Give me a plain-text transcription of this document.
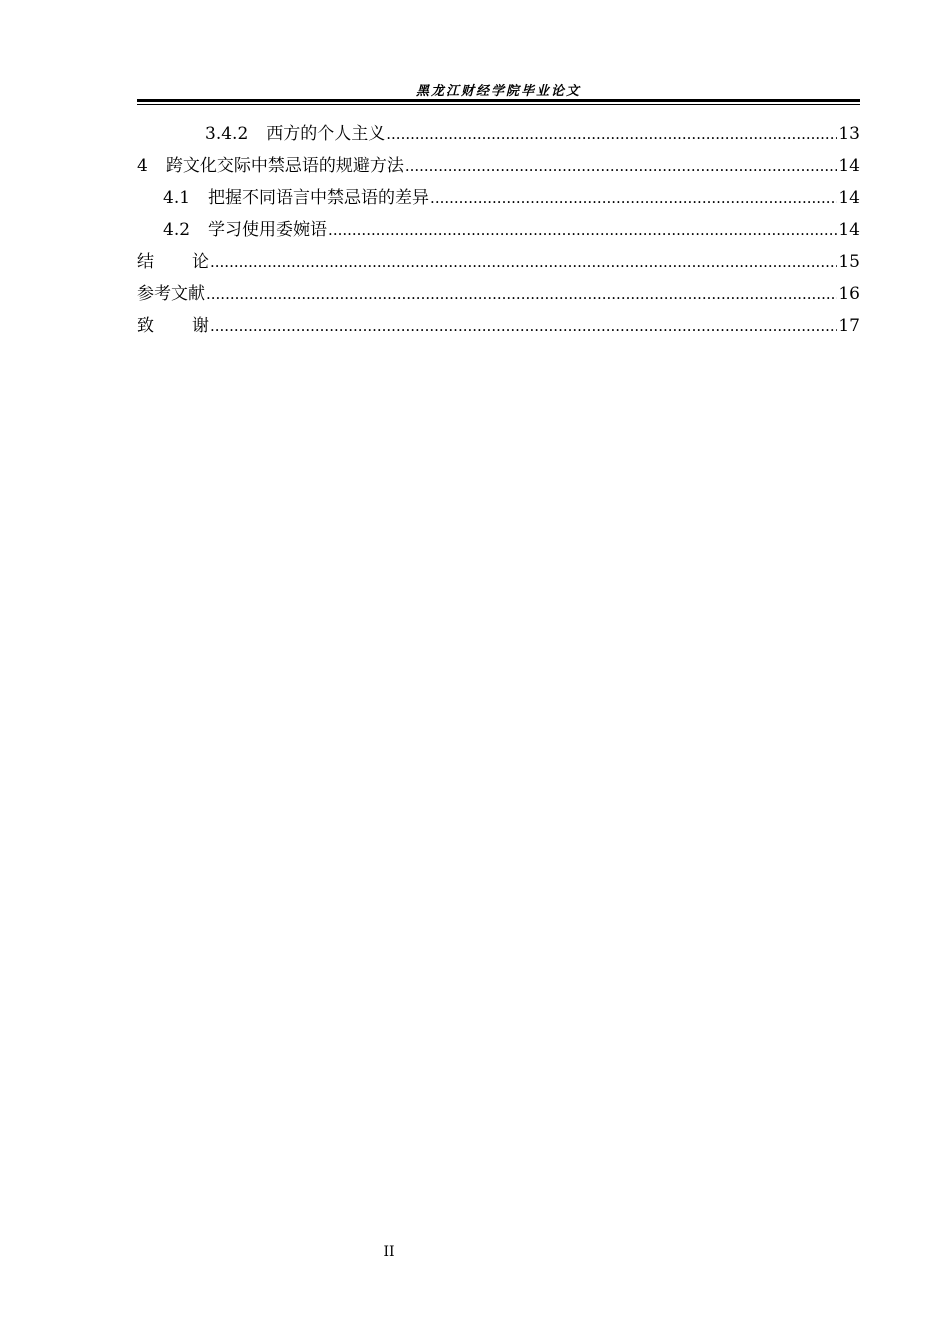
黑龙江财经学院毕业论文
3.4.2 西方的个人主义 .....	13
4 跨文化交际中禁忌语的规避方法 .....	14
4.1 把握不同语言中禁忌语的差异 .....	14
4.2 学习使用委婉语 .....	14
结论 .....	15
参考文献 .....	16
致谢 .....	17
II
